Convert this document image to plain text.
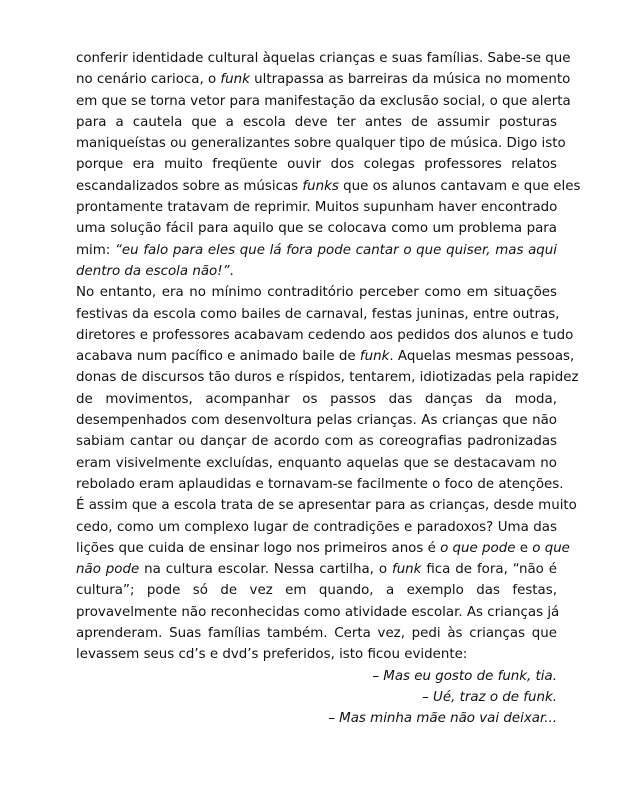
conferir identidade cultural àquelas crianças e suas famílias. Sabe-se que
no cenário carioca, o funk ultrapassa as barreiras da música no momento
em que se torna vetor para manifestação da exclusão social, o que alerta
para a cautela que a escola deve ter antes de assumir posturas
maniqueístas ou generalizantes sobre qualquer tipo de música. Digo isto
porque era muito freqüente ouvir dos colegas professores relatos
escandalizados sobre as músicas funks que os alunos cantavam e que eles
prontamente tratavam de reprimir. Muitos supunham haver encontrado
uma solução fácil para aquilo que se colocava como um problema para
mim: “eu falo para eles que lá fora pode cantar o que quiser, mas aqui
dentro da escola não!”.

No entanto, era no mínimo contraditório perceber como em situações
festivas da escola como bailes de carnaval, festas juninas, entre outras,
diretores e professores acabavam cedendo aos pedidos dos alunos e tudo
acabava num pacífico e animado baile de funk. Aquelas mesmas pessoas,
donas de discursos tão duros e ríspidos, tentarem, idiotizadas pela rapidez
de movimentos, acompanhar os passos das danças da moda,
desempenhados com desenvoltura pelas crianças. As crianças que não
sabiam cantar ou dançar de acordo com as coreografias padronizadas
eram visivelmente excluídas, enquanto aquelas que se destacavam no
rebolado eram aplaudidas e tornavam-se facilmente o foco de atenções.

É assim que a escola trata de se apresentar para as crianças, desde muito
cedo, como um complexo lugar de contradições e paradoxos? Uma das
lições que cuida de ensinar logo nos primeiros anos é o que pode e o que
não pode na cultura escolar. Nessa cartilha, o funk fica de fora, “não é
cultura”; pode só de vez em quando, a exemplo das festas,
provavelmente não reconhecidas como atividade escolar. As crianças já
aprenderam. Suas famílias também. Certa vez, pedi às crianças que
levassem seus cd’s e dvd’s preferidos, isto ficou evidente:

– Mas eu gosto de funk, tia.
– Ué, traz o de funk.
– Mas minha mãe não vai deixar...
